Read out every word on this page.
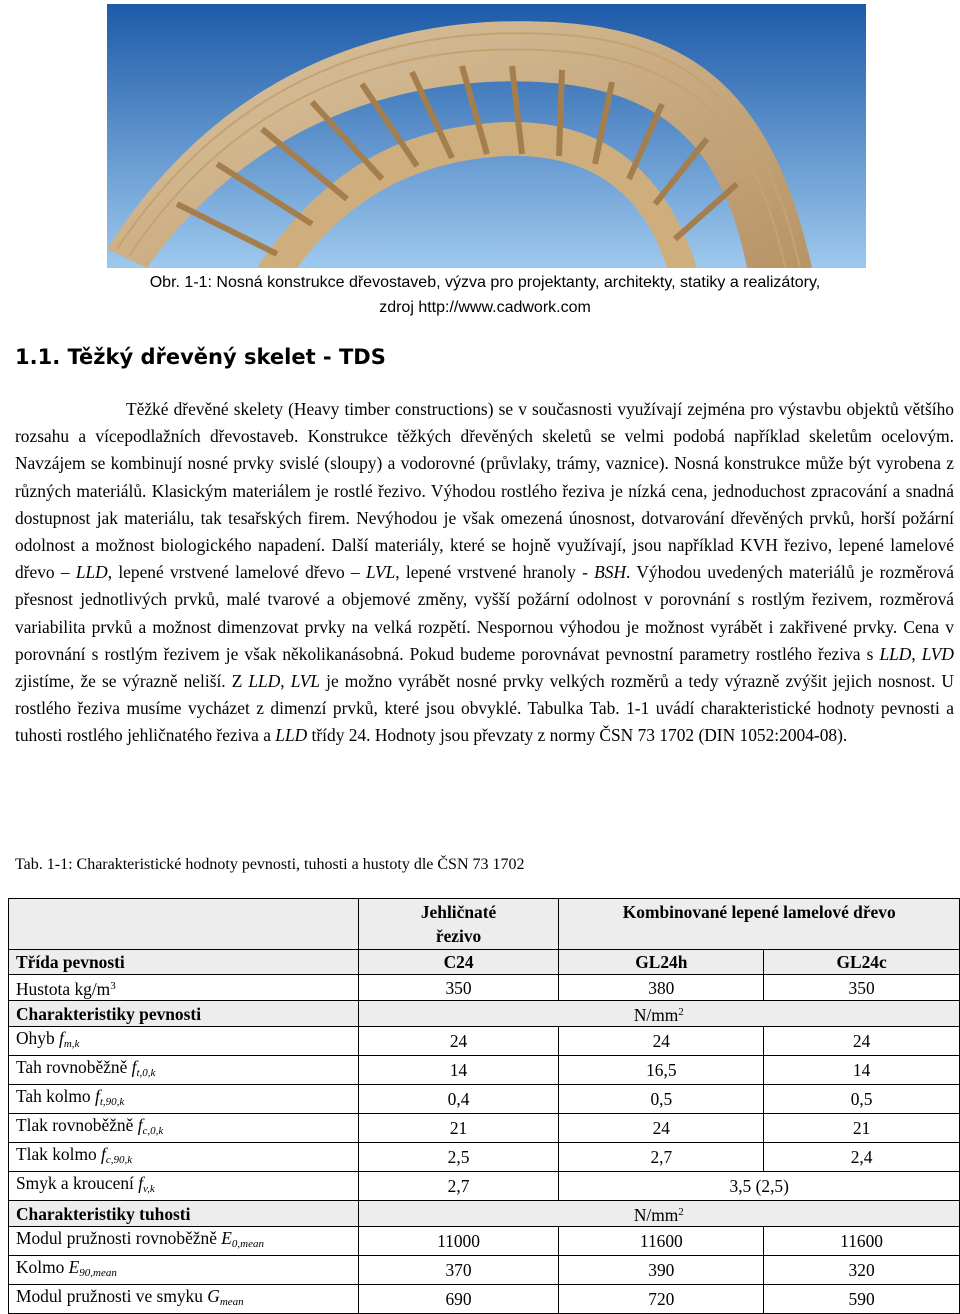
Obr. 1-1: Nosná konstrukce dřevostaveb, výzva pro projektanty, architekty, statiky a realizátory,
zdroj http://www.cadwork.com
1.1. Těžký dřevěný skelet - TDS

Těžké dřevěné skelety (Heavy timber constructions) se v současnosti využívají zejména pro výstavbu objektů většího rozsahu a vícepodlažních dřevostaveb. Konstrukce těžkých dřevěných skeletů se velmi podobá například skeletům ocelovým. Navzájem se kombinují nosné prvky svislé (sloupy) a vodorovné (průvlaky, trámy, vaznice). Nosná konstrukce může být vyrobena z různých materiálů. Klasickým materiálem je rostlé řezivo. Výhodou rostlého řeziva je nízká cena, jednoduchost zpracování a snadná dostupnost jak materiálu, tak tesařských firem. Nevýhodou je však omezená únosnost, dotvarování dřevěných prvků, horší požární odolnost a možnost biologického napadení. Další materiály, které se hojně využívají, jsou například KVH řezivo, lepené lamelové dřevo – LLD, lepené vrstvené lamelové dřevo – LVL, lepené vrstvené hranoly - BSH. Výhodou uvedených materiálů je rozměrová přesnost jednotlivých prvků, malé tvarové a objemové změny, vyšší požární odolnost v porovnání s rostlým řezivem, rozměrová variabilita prvků a možnost dimenzovat prvky na velká rozpětí. Nespornou výhodou je možnost vyrábět i zakřivené prvky. Cena v porovnání s rostlým řezivem je však několikanásobná. Pokud budeme porovnávat pevnostní parametry rostlého řeziva s LLD, LVD zjistíme, že se výrazně neliší. Z LLD, LVL je možno vyrábět nosné prvky velkých rozměrů a tedy výrazně zvýšit jejich nosnost. U rostlého řeziva musíme vycházet z dimenzí prvků, které jsou obvyklé. Tabulka Tab. 1-1 uvádí charakteristické hodnoty pevnosti a tuhosti rostlého jehličnatého řeziva a LLD třídy 24. Hodnoty jsou převzaty z normy ČSN 73 1702 (DIN 1052:2004-08).

Tab. 1-1: Charakteristické hodnoty pevnosti, tuhosti a hustoty dle ČSN 73 1702

	Jehličnaté
řezivo	Kombinované lepené lamelové dřevo	
Třída pevnosti	C24	GL24h	GL24c
Hustota $kg/m^3$	350	380	350
Charakteristiky pevnosti	$N/mm^2$
Ohyb $f_{m,k}$	24	24	24
Tah rovnoběžně $f_{t,0,k}$	14	16,5	14
Tah kolmo $f_{t,90,k}$	0,4	0,5	0,5
Tlak rovnoběžně $f_{c,0,k}$	21	24	21
Tlak kolmo $f_{c,90,k}$	2,5	2,7	2,4
Smyk a kroucení $f_{v,k}$	2,7	3,5 (2,5)	
Charakteristiky tuhosti	$N/mm^2$
Modul pružnosti rovnoběžně $E_{0,mean}$	11000	11600	11600
Kolmo $E_{90,mean}$	370	390	320
Modul pružnosti ve smyku $G_{mean}$	690	720	590
